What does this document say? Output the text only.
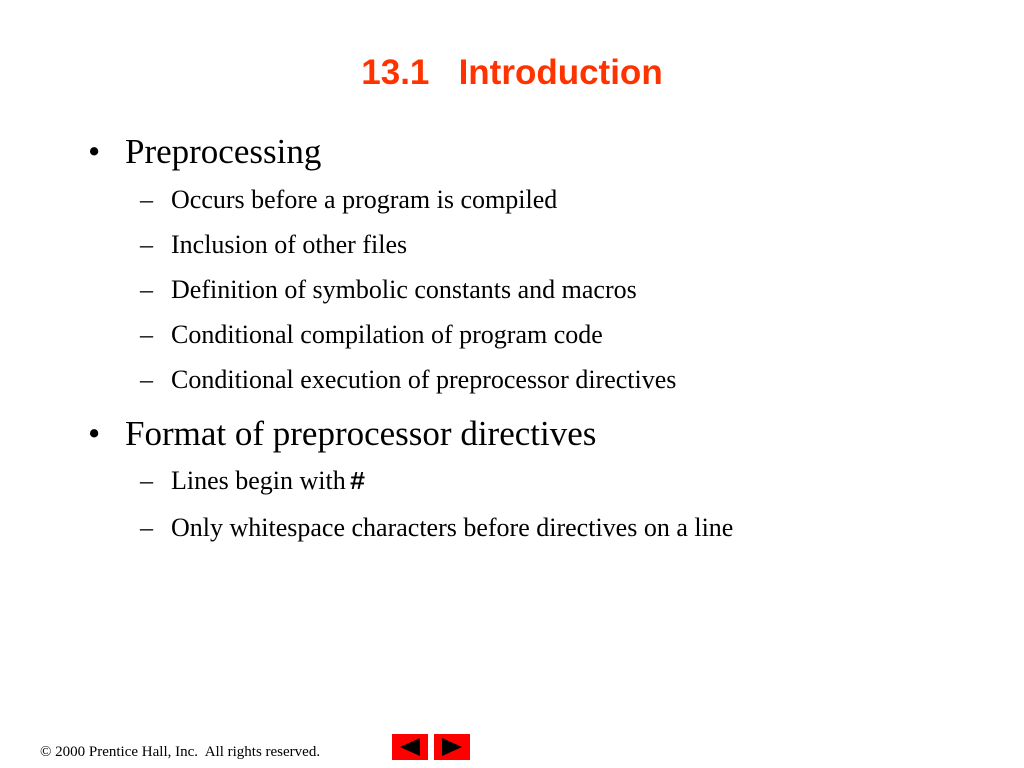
13.1   Introduction
• Preprocessing
– Occurs before a program is compiled
– Inclusion of other files
– Definition of symbolic constants and macros
– Conditional compilation of program code
– Conditional execution of preprocessor directives
• Format of preprocessor directives
– Lines begin with #
– Only whitespace characters before directives on a line
© 2000 Prentice Hall, Inc.  All rights reserved.
